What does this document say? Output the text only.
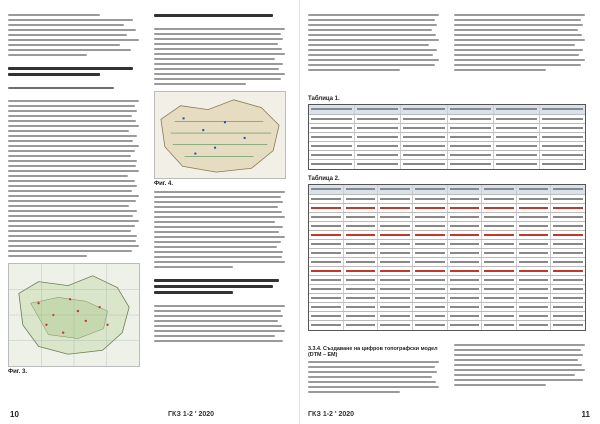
Фиг. 3.
Фиг. 4.
10	ГКЗ 1-2 ' 2020
Таблица 1.
Таблица 2.
3.3.4. Създаване на цифров топографски модел (DTM – ЕМ)
ГКЗ 1-2 ' 2020	11
